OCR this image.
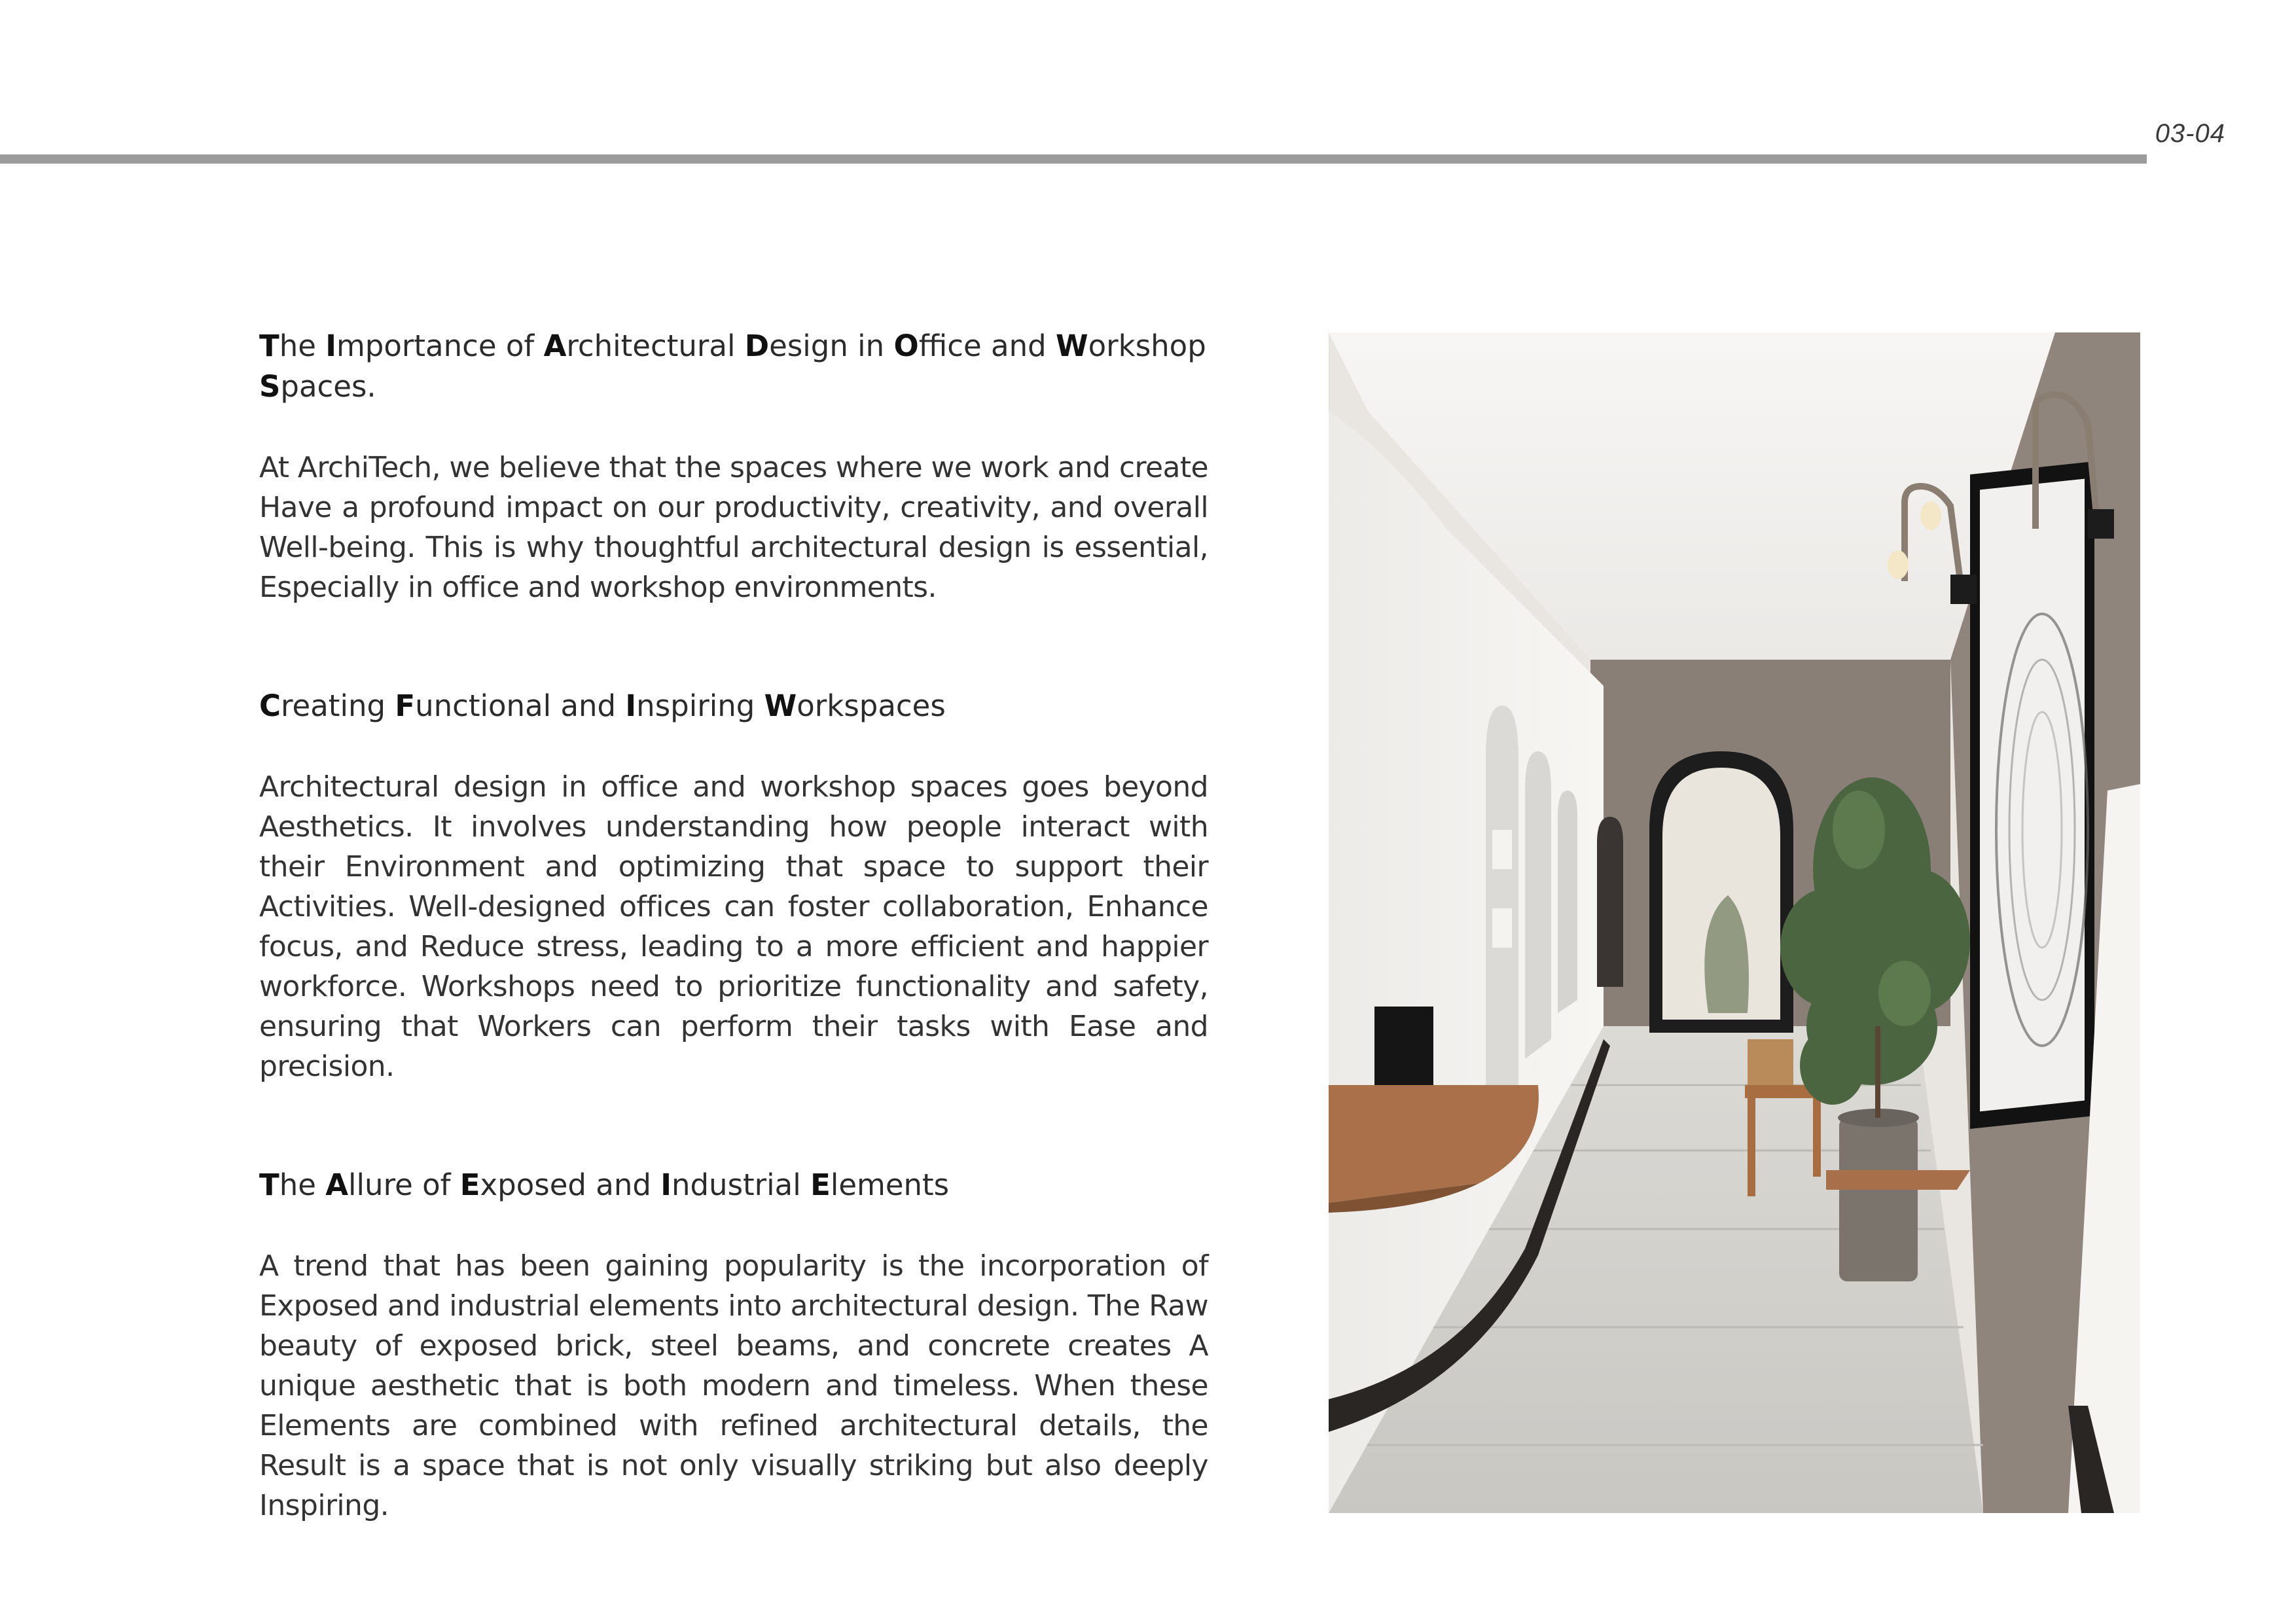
03-04
The Importance of Architectural Design in Office and Workshop Spaces.

At ArchiTech, we believe that the spaces where we work and create Have a profound impact on our productivity, creativity, and overall Well-being. This is why thoughtful architectural design is essential, Especially in office and workshop environments.

Creating Functional and Inspiring Workspaces

Architectural design in office and workshop spaces goes beyond Aesthetics. It involves understanding how people interact with their Environment and optimizing that space to support their Activities. Well-designed offices can foster collaboration, Enhance focus, and Reduce stress, leading to a more efficient and happier workforce. Workshops need to prioritize functionality and safety, ensuring that Workers can perform their tasks with Ease and precision.

The Allure of Exposed and Industrial Elements

A trend that has been gaining popularity is the incorporation of Exposed and industrial elements into architectural design. The Raw beauty of exposed brick, steel beams, and concrete creates A unique aesthetic that is both modern and timeless. When these Elements are combined with refined architectural details, the Result is a space that is not only visually striking but also deeply Inspiring.
